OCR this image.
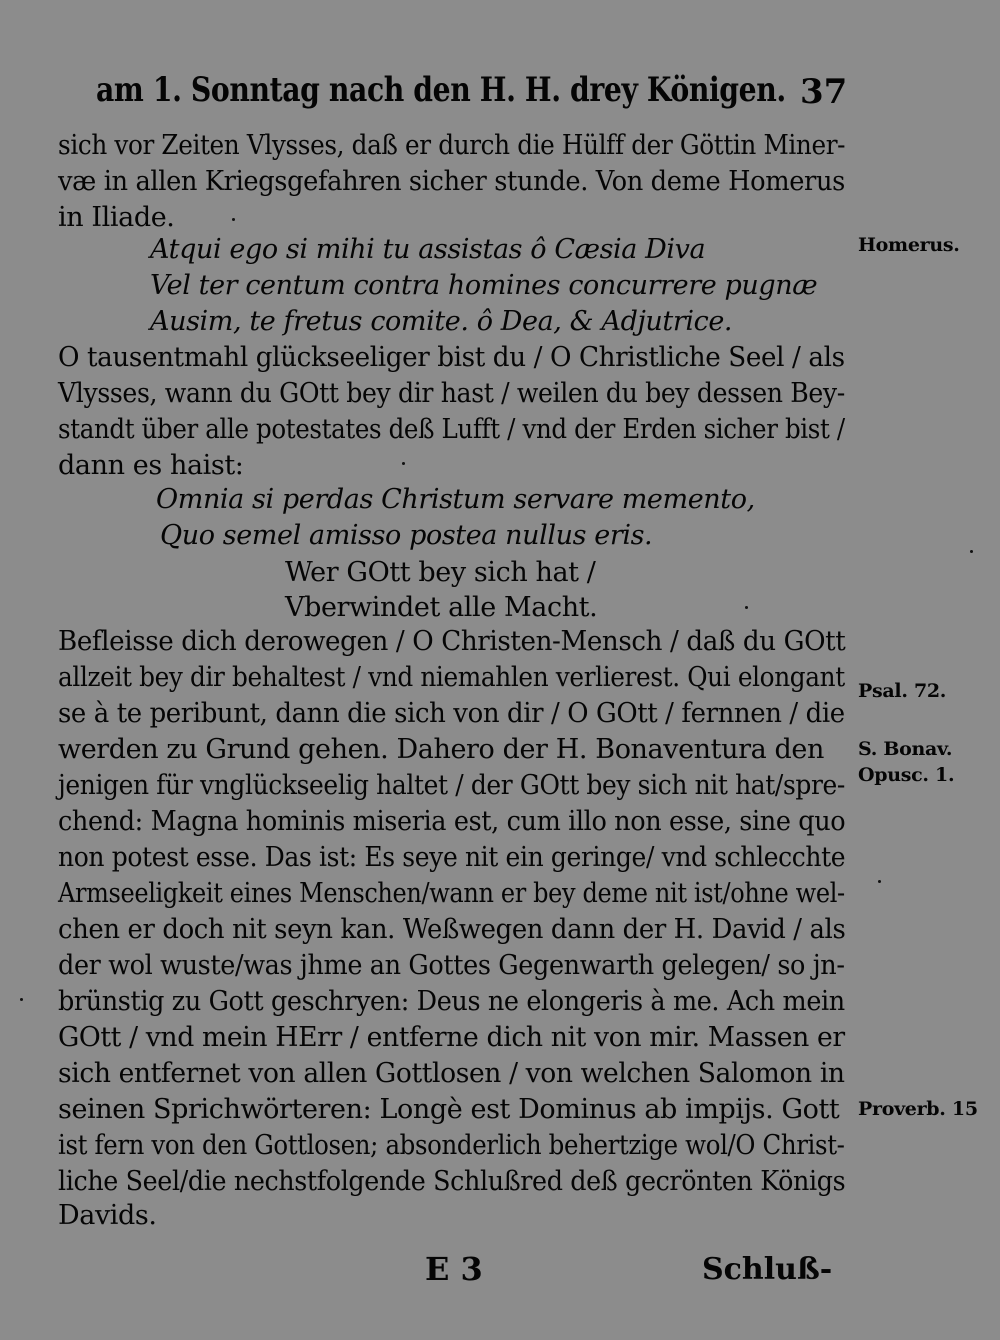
am 1. Sonntag nach den H. H. drey Königen. 37
sich vor Zeiten Vlysses, daß er durch die Hülff der Göttin Miner-
væ in allen Kriegsgefahren sicher stunde. Von deme Homerus
in Iliade.
Atqui ego si mihi tu assistas ô Cæsia Diva
Vel ter centum contra homines concurrere pugnæ
Ausim, te fretus comite. ô Dea, & Adjutrice.
O tausentmahl glückseeliger bist du / O Christliche Seel / als
Vlysses, wann du GOtt bey dir hast / weilen du bey dessen Bey-
standt über alle potestates deß Lufft / vnd der Erden sicher bist /
dann es haist:
Omnia si perdas Christum servare memento,
Quo semel amisso postea nullus eris.
Wer GOtt bey sich hat /
Vberwindet alle Macht.
Befleisse dich derowegen / O Christen-Mensch / daß du GOtt
allzeit bey dir behaltest / vnd niemahlen verlierest. Qui elongant
se à te peribunt, dann die sich von dir / O GOtt / fernnen / die
werden zu Grund gehen. Dahero der H. Bonaventura den
jenigen für vnglückseelig haltet / der GOtt bey sich nit hat/spre-
chend: Magna hominis miseria est, cum illo non esse, sine quo
non potest esse. Das ist: Es seye nit ein geringe/ vnd schlecchte
Armseeligkeit eines Menschen/wann er bey deme nit ist/ohne wel-
chen er doch nit seyn kan. Weßwegen dann der H. David / als
der wol wuste/was jhme an Gottes Gegenwarth gelegen/ so jn-
brünstig zu Gott geschryen: Deus ne elongeris à me. Ach mein
GOtt / vnd mein HErr / entferne dich nit von mir. Massen er
sich entfernet von allen Gottlosen / von welchen Salomon in
seinen Sprichwörteren: Longè est Dominus ab impijs. Gott
ist fern von den Gottlosen; absonderlich behertzige wol/O Christ-
liche Seel/die nechstfolgende Schlußred deß gecrönten Königs
Davids.
Homerus.
Psal. 72.
S. Bonav.
Opusc. 1.
Proverb. 15
E 3	Schluß-
